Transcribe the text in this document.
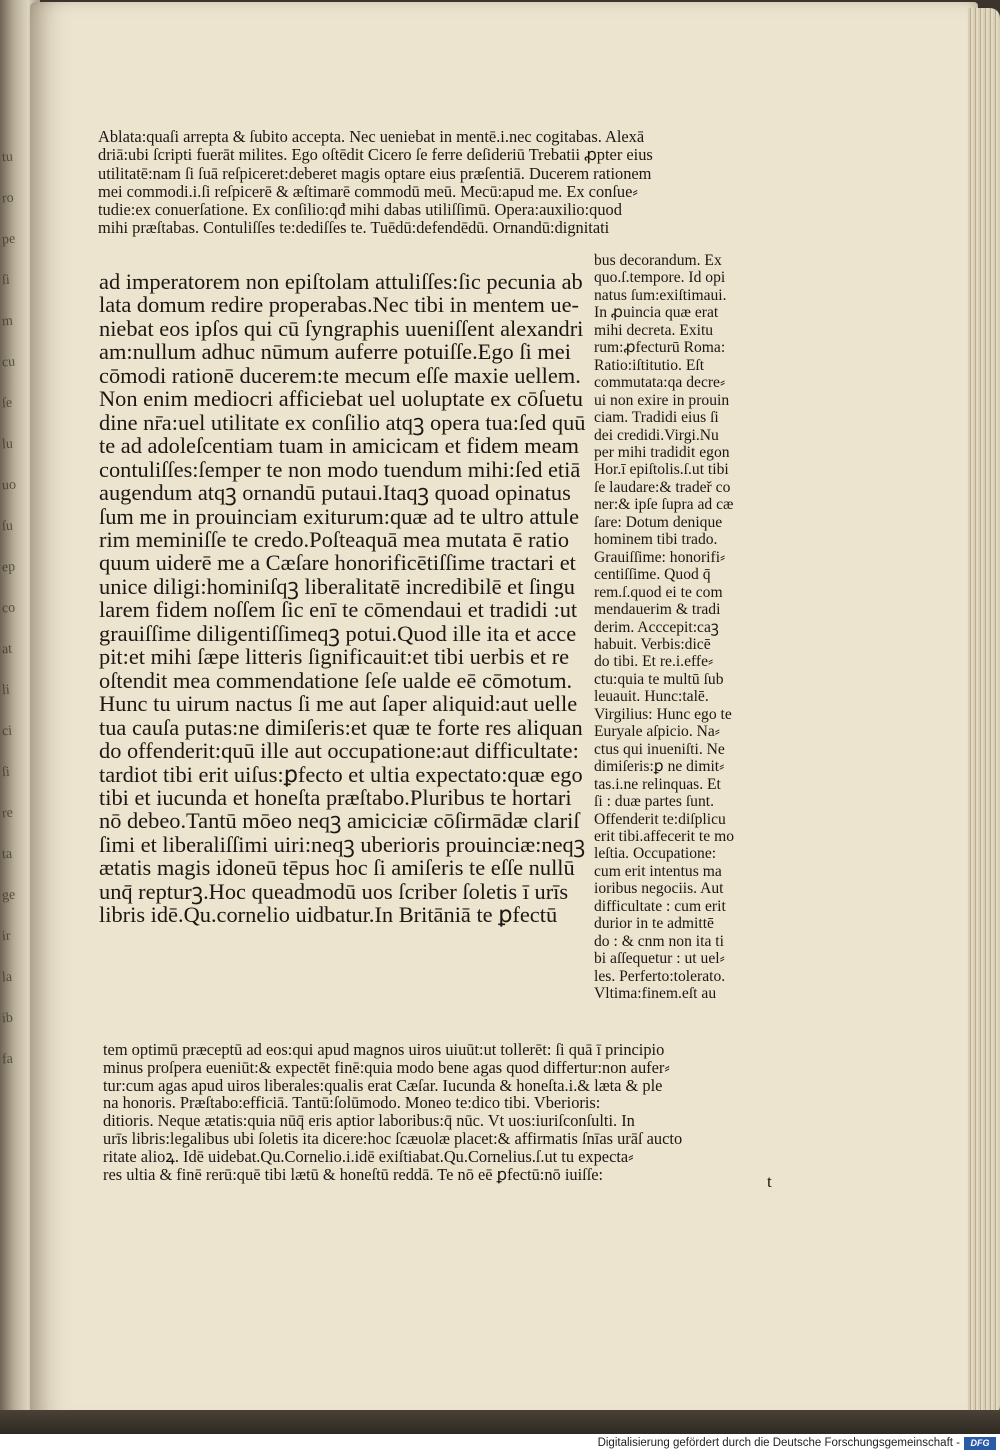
tu
ro
pe
ſi
m
cu
ſe
lu
uo
ſu
ep
co
at
li
ci
ſi
re
ta
ge
ir
la
ib
fa
Ablata:quaſi arrepta & ſubito accepta. Nec ueniebat in mentē.i.nec cogitabas. Alexā
driā:ubi ſcripti fuerāt milites. Ego oſtēdit Cicero ſe ferre deſideriū Trebatii ꝓpter eius
utilitatē:nam ſi ſuā reſpiceret:deberet magis optare eius præſentiā. Ducerem rationem
mei commodi.i.ſi reſpicerē & æſtimarē commodū meū. Mecū:apud me. Ex conſue⸗
tudie:ex conuerſatione. Ex conſilio:qđ mihi dabas utiliſſimū. Opera:auxilio:quod
mihi præſtabas. Contuliſſes te:dediſſes te. Tuēdū:defendēdū. Ornandū:dignitati
ad imperatorem non epiſtolam attuliſſes:ſic pecunia ab
lata domum redire properabas.Nec tibi in mentem ue-
niebat eos ipſos qui cū ſyngraphis uueniſſent alexandri
am:nullum adhuc nūmum auferre potuiſſe.Ego ſi mei
cōmodi rationē ducerem:te mecum eſſe maxie uellem.
Non enim mediocri afficiebat uel uoluptate ex cōſuetu
dine nr̄a:uel utilitate ex conſilio atqꝫ opera tua:ſed quū
te ad adoleſcentiam tuam in amicicam et fidem meam
contuliſſes:ſemper te non modo tuendum mihi:ſed etiā
augendum atqꝫ ornandū putaui.Itaqꝫ quoad opinatus
ſum me in prouinciam exiturum:quæ ad te ultro attule
rim meminiſſe te credo.Poſteaquā mea mutata ē ratio
quum uiderē me a Cæſare honorificētiſſime tractari et
unice diligi:hominiſqꝫ liberalitatē incredibilē et ſingu
larem fidem noſſem ſic enī te cōmendaui et tradidi :ut
grauiſſime diligentiſſimeqꝫ potui.Quod ille ita et acce
pit:et mihi ſæpe litteris ſignificauit:et tibi uerbis et re
oſtendit mea commendatione ſeſe ualde eē cōmotum.
Hunc tu uirum nactus ſi me aut ſaper aliquid:aut uelle
tua cauſa putas:ne dimiſeris:et quæ te forte res aliquan
do offenderit:quū ille aut occupatione:aut difficultate:
tardiot tibi erit uiſus:ꝑfecto et ultia expectato:quæ ego
tibi et iucunda et honeſta præſtabo.Pluribus te hortari
nō debeo.Tantū mōeo neqꝫ amiciciæ cōſirmādæ clariſ
ſimi et liberaliſſimi uiri:neqꝫ uberioris prouinciæ:neqꝫ
ætatis magis idoneū tēpus hoc ſi amiſeris te eſſe nullū
unq̄ repturꝫ.Hoc queadmodū uos ſcriber ſoletis ī urīs
libris idē.Qu.cornelio uidbatur.In Britāniā te ꝑfectū
bus decorandum. Ex
quo.ſ.tempore. Id opi
natus ſum:exiſtimaui.
In ꝓuincia quæ erat
mihi decreta. Exitu
rum:ꝓfecturū Roma:
Ratio:iſtitutio. Eſt
commutata:qa decre⸗
ui non exire in prouin
ciam. Tradidi eius ſi
dei credidi.Virgi.Nu
per mihi tradidit egon
Hor.ī epiſtolis.ſ.ut tibi
ſe laudare:& tradeř co
ner:& ipſe ſupra ad cæ
ſare: Dotum denique
hominem tibi trado.
Grauiſſime: honorifi⸗
centiſſime. Quod q̄
rem.ſ.quod ei te com
mendauerim & tradi
derim. Acccepit:caꝫ
habuit. Verbis:dicē
do tibi. Et re.i.effe⸗
ctu:quia te multū ſub
leuauit. Hunc:talē.
Virgilius: Hunc ego te
Euryale aſpicio. Na⸗
ctus qui inueniſti. Ne
dimiſeris:ꝑ ne dimit⸗
tas.i.ne relinquas. Et
ſi : duæ partes ſunt.
Offenderit te:diſplicu
erit tibi.affecerit te mo
leſtia. Occupatione:
cum erit intentus ma
ioribus negociis. Aut
difficultate : cum erit
durior in te admittē
do : & cnm non ita ti
bi aſſequetur : ut uel⸗
les. Perferto:tolerato.
Vltima:finem.eſt au
tem optimū præceptū ad eos:qui apud magnos uiros uiuūt:ut tollerēt: ſi quā ī principio
minus proſpera eueniūt:& expectēt finē:quia modo bene agas quod differtur:non aufer⸗
tur:cum agas apud uiros liberales:qualis erat Cæſar. Iucunda & honeſta.i.& læta & ple
na honoris. Præſtabo:efficiā. Tantū:ſolūmodo. Moneo te:dico tibi. Vberioris:
ditioris. Neque ætatis:quia nūq̄ eris aptior laboribus:q̄ nūc. Vt uos:iuriſconſulti. In
urīs libris:legalibus ubi ſoletis ita dicere:hoc ſcæuolæ placet:& affirmatis ſnīas urāſ aucto
ritate alioꝝ. Idē uidebat.Qu.Cornelio.i.idē exiſtiabat.Qu.Cornelius.ſ.ut tu expecta⸗
res ultia & finē rerū:quē tibi lætū & honeſtū reddā. Te nō eē ꝑfectū:nō iuiſſe:	t
Digitalisierung gefördert durch die Deutsche Forschungsgemeinschaft -	DFG
